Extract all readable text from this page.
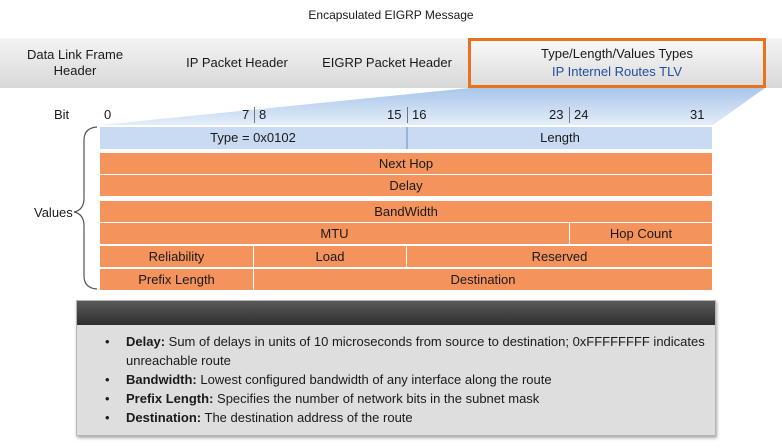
Encapsulated EIGRP Message
Data Link Frame
Header
IP Packet Header	EIGRP Packet Header
Type/Length/Values Types
IP Internel Routes TLV
Bit	0	7 8	15 16	23 24	31
Values
Type = 0x0102	Length
Next Hop
Delay
BandWidth
MTU	Hop Count
Reliability	Load	Reserved
Prefix Length	Destination
• Delay: Sum of delays in units of 10 microseconds from source to destination; 0xFFFFFFFF indicates unreachable route
• Bandwidth: Lowest configured bandwidth of any interface along the route
• Prefix Length: Specifies the number of network bits in the subnet mask
• Destination: The destination address of the route
